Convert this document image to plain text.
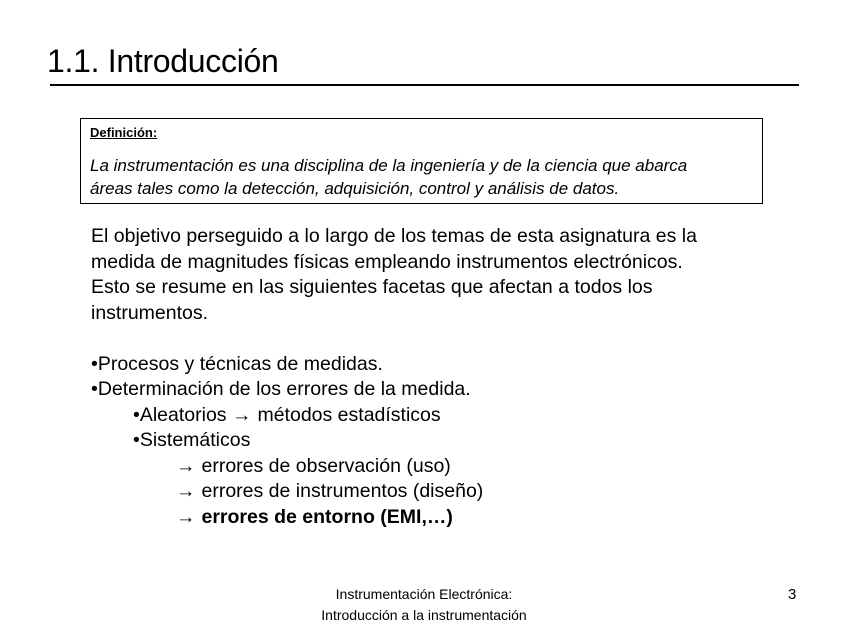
1.1. Introducción
Definición:
La instrumentación es una disciplina de la ingeniería y de la ciencia que abarca
áreas tales como la detección, adquisición, control y análisis de datos.
El objetivo perseguido a lo largo de los temas de esta asignatura es la
medida de magnitudes físicas empleando instrumentos electrónicos.
Esto se resume en las siguientes facetas que afectan a todos los
instrumentos.
•Procesos y técnicas de medidas.
•Determinación de los errores de la medida.
•Aleatorios → métodos estadísticos
•Sistemáticos
→ errores de observación (uso)
→ errores de instrumentos (diseño)
→ errores de entorno (EMI,…)
Instrumentación Electrónica:
Introducción a la instrumentación
3
